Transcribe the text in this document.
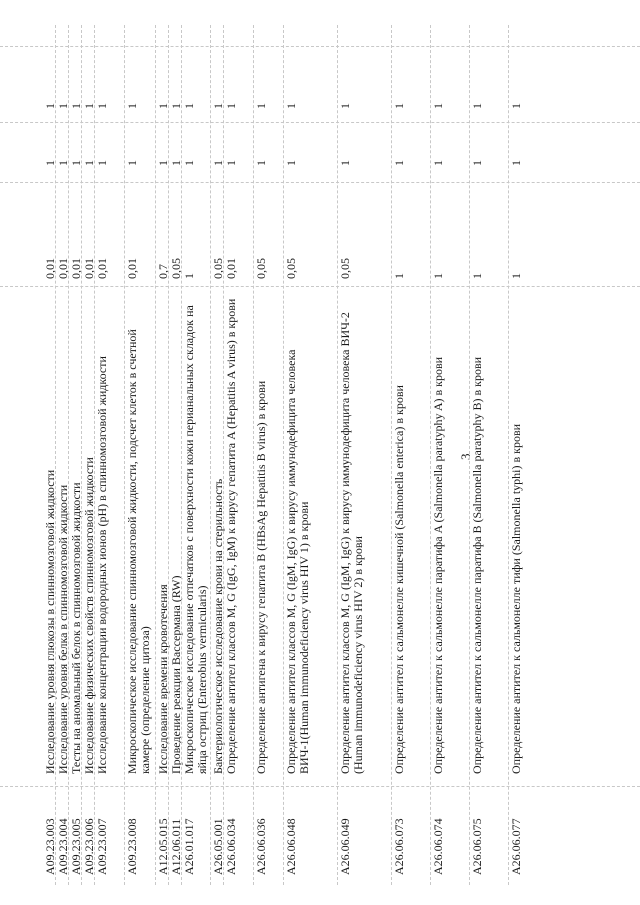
3
A09.23.003
Исследование уровня глюкозы в спинномозговой жидкости
0,01
1
1
A09.23.004
Исследование уровня белка в спинномозговой жидкости
0,01
1
1
A09.23.005
Тесты на аномальный белок в спинномозговой жидкости
0,01
1
1
A09.23.006
Исследование физических свойств спинномозговой жидкости
0,01
1
1
A09.23.007
Исследование концентрации водородных ионов (pH) в спинномозговой жидкости
0,01
1
1
A09.23.008
Микроскопическое исследование спинномозговой жидкости, подсчет клеток в счетной камере (определение цитоза)
0,01
1
1
A12.05.015
Исследование времени кровотечения
0,7
1
1
A12.06.011
Проведение реакции Вассермана (RW)
0,05
1
1
A26.01.017
Микроскопическое исследование отпечатков с поверхности кожи перианальных складок на яйца остриц (Enterobius vermicularis)
1
1
1
A26.05.001
Бактериологическое исследование крови на стерильность
0,05
1
1
A26.06.034
Определение антител классов M, G (IgG, IgM) к вирусу гепатита A (Hepatitis A virus) в крови
0,01
1
1
A26.06.036
Определение антигена к вирусу гепатита B (HBsAg Hepatitis B virus) в крови
0,05
1
1
A26.06.048
Определение антител классов M, G (IgM, IgG) к вирусу иммунодефицита человека ВИЧ-1(Human immunodeficiency virus HIV 1) в крови
0,05
1
1
A26.06.049
Определение антител классов M, G (IgM, IgG) к вирусу иммунодефицита человека ВИЧ-2 (Human immunodeficiency virus HIV 2) в крови
0,05
1
1
A26.06.073
Определение антител к сальмонелле кишечной (Salmonella enterica) в крови
1
1
1
A26.06.074
Определение антител к сальмонелле паратифа A (Salmonella paratyphy A) в крови
1
1
1
A26.06.075
Определение антител к сальмонелле паратифа B (Salmonella paratyphy B) в крови
1
1
1
A26.06.077
Определение антител к сальмонелле тифи (Salmonella typhi) в крови
1
1
1
